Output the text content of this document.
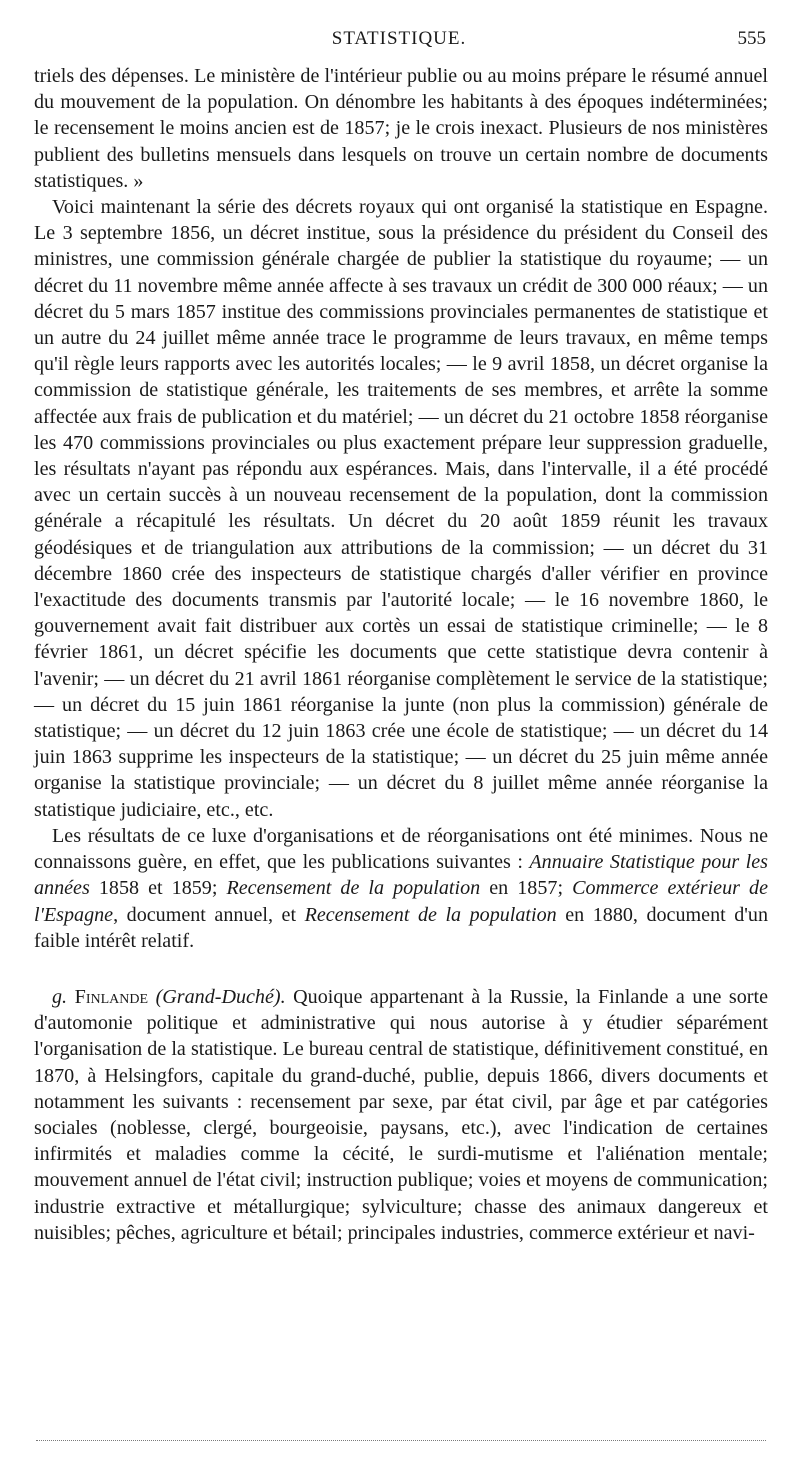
STATISTIQUE.	555

triels des dépenses. Le ministère de l'intérieur publie ou au moins prépare le résumé annuel du mouvement de la population. On dénombre les habitants à des époques indéterminées; le recensement le moins ancien est de 1857; je le crois inexact. Plusieurs de nos ministères publient des bulletins mensuels dans lesquels on trouve un certain nombre de documents statistiques. »

Voici maintenant la série des décrets royaux qui ont organisé la statistique en Espagne. Le 3 septembre 1856, un décret institue, sous la présidence du président du Conseil des ministres, une commission générale chargée de publier la statistique du royaume; — un décret du 11 novembre même année affecte à ses travaux un crédit de 300 000 réaux; — un décret du 5 mars 1857 institue des commissions provinciales permanentes de statistique et un autre du 24 juillet même année trace le programme de leurs travaux, en même temps qu'il règle leurs rapports avec les autorités locales; — le 9 avril 1858, un décret organise la commission de statistique générale, les traitements de ses membres, et arrête la somme affectée aux frais de publication et du matériel; — un décret du 21 octobre 1858 réorganise les 470 commissions provinciales ou plus exactement prépare leur suppression graduelle, les résultats n'ayant pas répondu aux espérances. Mais, dans l'intervalle, il a été procédé avec un certain succès à un nouveau recensement de la population, dont la commission générale a récapitulé les résultats. Un décret du 20 août 1859 réunit les travaux géodésiques et de triangulation aux attributions de la commission; — un décret du 31 décembre 1860 crée des inspecteurs de statistique chargés d'aller vérifier en province l'exactitude des documents transmis par l'autorité locale; — le 16 novembre 1860, le gouvernement avait fait distribuer aux cortès un essai de statistique criminelle; — le 8 février 1861, un décret spécifie les documents que cette statistique devra contenir à l'avenir; — un décret du 21 avril 1861 réorganise complètement le service de la statistique; — un décret du 15 juin 1861 réorganise la junte (non plus la commission) générale de statistique; — un décret du 12 juin 1863 crée une école de statistique; — un décret du 14 juin 1863 supprime les inspecteurs de la statistique; — un décret du 25 juin même année organise la statistique provinciale; — un décret du 8 juillet même année réorganise la statistique judiciaire, etc., etc.

Les résultats de ce luxe d'organisations et de réorganisations ont été minimes. Nous ne connaissons guère, en effet, que les publications suivantes : Annuaire Statistique pour les années 1858 et 1859; Recensement de la population en 1857; Commerce extérieur de l'Espagne, document annuel, et Recensement de la population en 1880, document d'un faible intérêt relatif.

g. Finlande (Grand-Duché). Quoique appartenant à la Russie, la Finlande a une sorte d'automonie politique et administrative qui nous autorise à y étudier séparément l'organisation de la statistique. Le bureau central de statistique, définitivement constitué, en 1870, à Helsingfors, capitale du grand-duché, publie, depuis 1866, divers documents et notamment les suivants : recensement par sexe, par état civil, par âge et par catégories sociales (noblesse, clergé, bourgeoisie, paysans, etc.), avec l'indication de certaines infirmités et maladies comme la cécité, le surdi-mutisme et l'aliénation mentale; mouvement annuel de l'état civil; instruction publique; voies et moyens de communication; industrie extractive et métallurgique; sylviculture; chasse des animaux dangereux et nuisibles; pêches, agriculture et bétail; principales industries, commerce extérieur et navi-
